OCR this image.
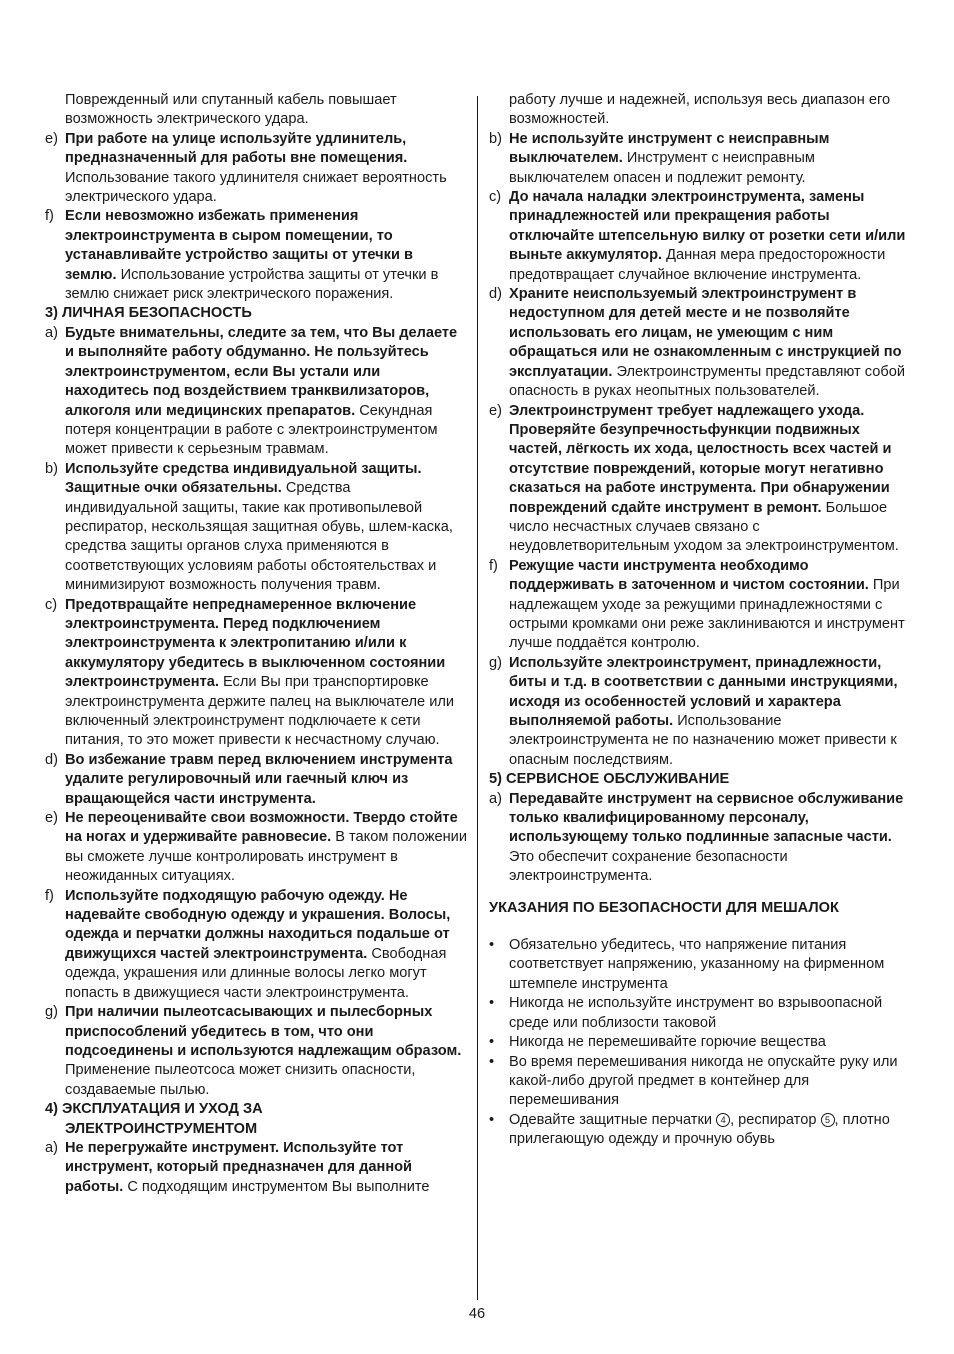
Поврежденный или спутанный кабель повышает возможность электрического удара.
e) При работе на улице используйте удлинитель, предназначенный для работы вне помещения. Использование такого удлинителя снижает вероятность электрического удара.
f) Если невозможно избежать применения электроинструмента в сыром помещении, то устанавливайте устройство защиты от утечки в землю. Использование устройства защиты от утечки в землю снижает риск электрического поражения.
3) ЛИЧНАЯ БЕЗОПАСНОСТЬ
a) Будьте внимательны, следите за тем, что Вы делаете и выполняйте работу обдуманно. Не пользуйтесь электроинструментом, если Вы устали или находитесь под воздействием транквилизаторов, алкоголя или медицинских препаратов. Секундная потеря концентрации в работе с электроинструментом может привести к серьезным травмам.
b) Используйте средства индивидуальной защиты. Защитные очки обязательны. Средства индивидуальной защиты, такие как противопылевой респиратор, нескользящая защитная обувь, шлем-каска, средства защиты органов слуха применяются в соответствующих условиям работы обстоятельствах и минимизируют возможность получения травм.
c) Предотвращайте непреднамеренное включение электроинструмента. Перед подключением электроинструмента к электропитанию и/или к аккумулятору убедитесь в выключенном состоянии электроинструмента. Если Вы при транспортировке электроинструмента держите палец на выключателе или включенный электроинструмент подключаете к сети питания, то это может привести к несчастному случаю.
d) Во избежание травм перед включением инструмента удалите регулировочный или гаечный ключ из вращающейся части инструмента.
e) Не переоценивайте свои возможности. Твердо стойте на ногах и удерживайте равновесие. В таком положении вы сможете лучше контролировать инструмент в неожиданных ситуациях.
f) Используйте подходящую рабочую одежду. Не надевайте свободную одежду и украшения. Волосы, одежда и перчатки должны находиться подальше от движущихся частей электроинструмента. Свободная одежда, украшения или длинные волосы легко могут попасть в движущиеся части электроинструмента.
g) При наличии пылеотсасывающих и пылесборных приспособлений убедитесь в том, что они подсоединены и используются надлежащим образом. Применение пылеотсоса может снизить опасности, создаваемые пылью.
4) ЭКСПЛУАТАЦИЯ И УХОД ЗА
ЭЛЕКТРОИНСТРУМЕНТОМ
a) Не перегружайте инструмент. Используйте тот инструмент, который предназначен для данной работы. С подходящим инструментом Вы выполните
работу лучше и надежней, используя весь диапазон его возможностей.
b) Не используйте инструмент с неисправным выключателем. Инструмент с неисправным выключателем опасен и подлежит ремонту.
c) До начала наладки электроинструмента, замены принадлежностей или прекращения работы отключайте штепсельную вилку от розетки сети и/или выньте аккумулятор. Данная мера предосторожности предотвращает случайное включение инструмента.
d) Храните неиспользуемый электроинструмент в недоступном для детей месте и не позволяйте использовать его лицам, не умеющим с ним обращаться или не ознакомленным с инструкцией по эксплуатации. Электроинструменты представляют собой опасность в руках неопытных пользователей.
e) Электроинструмент требует надлежащего ухода. Проверяйте безупречностьфункции подвижных частей, лёгкость их хода, целостность всех частей и отсутствие повреждений, которые могут негативно сказаться на работе инструмента. При обнаружении повреждений сдайте инструмент в ремонт. Большое число несчастных случаев связано с неудовлетворительным уходом за электроинструментом.
f) Режущие части инструмента необходимо поддерживать в заточенном и чистом состоянии. При надлежащем уходе за режущими принадлежностями с острыми кромками они реже заклиниваются и инструмент лучше поддаётся контролю.
g) Используйте электроинструмент, принадлежности, биты и т.д. в соответствии с данными инструкциями, исходя из особенностей условий и характера выполняемой работы. Использование электроинструмента не по назначению может привести к опасным последствиям.
5) СЕРВИСНОЕ ОБСЛУЖИВАНИЕ
a) Передавайте инструмент на сервисное обслуживание только квалифицированному персоналу, использующему только подлинные запасные части. Это обеспечит сохранение безопасности электроинструмента.
УКАЗАНИЯ ПО БЕЗОПАСНОСТИ ДЛЯ МЕШАЛОК
•	Обязательно убедитесь, что напряжение питания соответствует напряжению, указанному на фирменном штемпеле инструмента
•	Никогда не используйте инструмент во взрывоопасной среде или поблизости таковой
•	Никогда не перемешивайте горючие вещества
•	Во время перемешивания никогда не опускайте руку или какой-либо другой предмет в контейнер для перемешивания
•	Одевайте защитные перчатки 4 , респиратор 5 , плотно прилегающую одежду и прочную обувь
46
